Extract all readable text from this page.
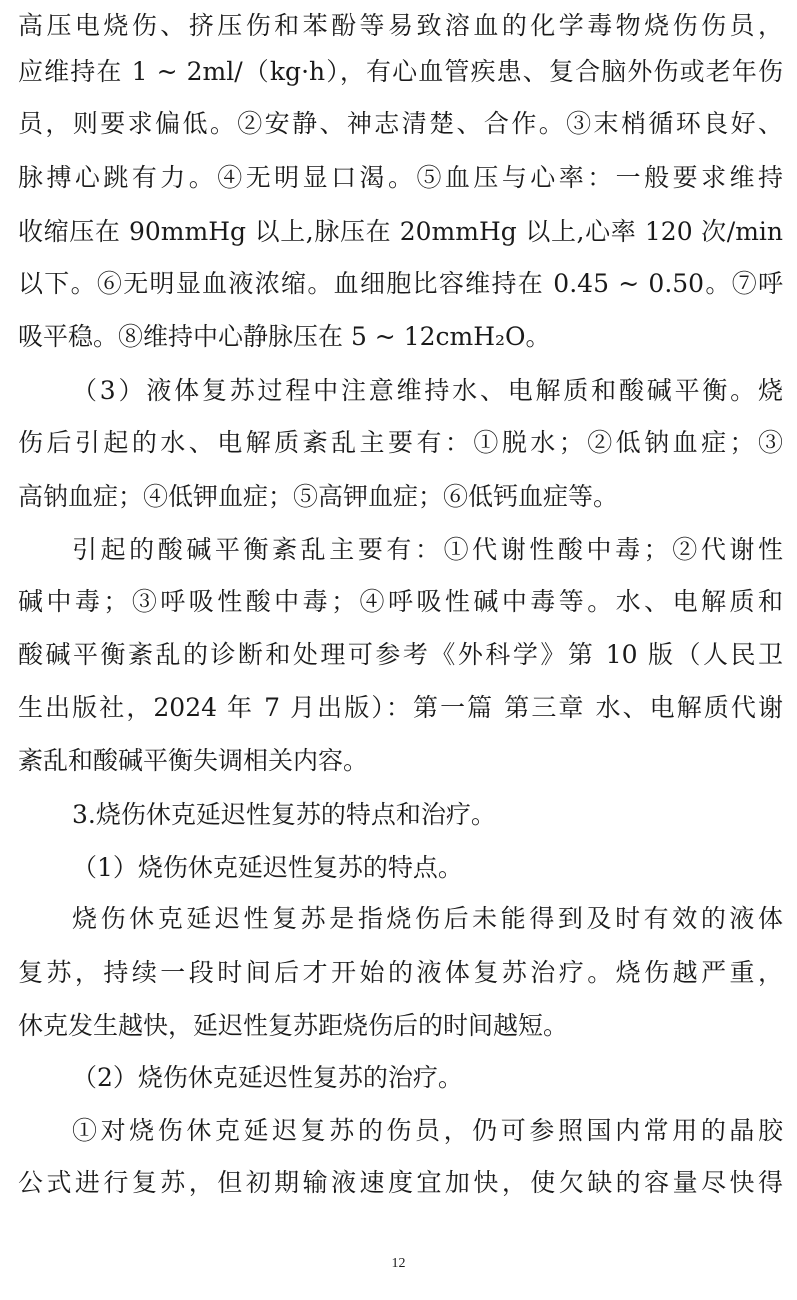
高压电烧伤、挤压伤和苯酚等易致溶血的化学毒物烧伤伤员，
应维持在 1 ~ 2ml/（kg·h），有心血管疾患、复合脑外伤或老年伤
员，则要求偏低。②安静、神志清楚、合作。③末梢循环良好、
脉搏心跳有力。④无明显口渴。⑤血压与心率：一般要求维持
收缩压在 90mmHg 以上,脉压在 20mmHg 以上,心率 120 次/min
以下。⑥无明显血液浓缩。血细胞比容维持在 0.45 ~ 0.50。⑦呼
吸平稳。⑧维持中心静脉压在 5 ~ 12cmH₂O。
（3）液体复苏过程中注意维持水、电解质和酸碱平衡。烧
伤后引起的水、电解质紊乱主要有：①脱水；②低钠血症；③
高钠血症；④低钾血症；⑤高钾血症；⑥低钙血症等。
引起的酸碱平衡紊乱主要有：①代谢性酸中毒；②代谢性
碱中毒；③呼吸性酸中毒；④呼吸性碱中毒等。水、电解质和
酸碱平衡紊乱的诊断和处理可参考《外科学》第 10 版（人民卫
生出版社，2024 年 7 月出版）：第一篇 第三章 水、电解质代谢
紊乱和酸碱平衡失调相关内容。
3.烧伤休克延迟性复苏的特点和治疗。
（1）烧伤休克延迟性复苏的特点。
烧伤休克延迟性复苏是指烧伤后未能得到及时有效的液体
复苏，持续一段时间后才开始的液体复苏治疗。烧伤越严重，
休克发生越快，延迟性复苏距烧伤后的时间越短。
（2）烧伤休克延迟性复苏的治疗。
①对烧伤休克延迟复苏的伤员，仍可参照国内常用的晶胶
公式进行复苏，但初期输液速度宜加快，使欠缺的容量尽快得
12
